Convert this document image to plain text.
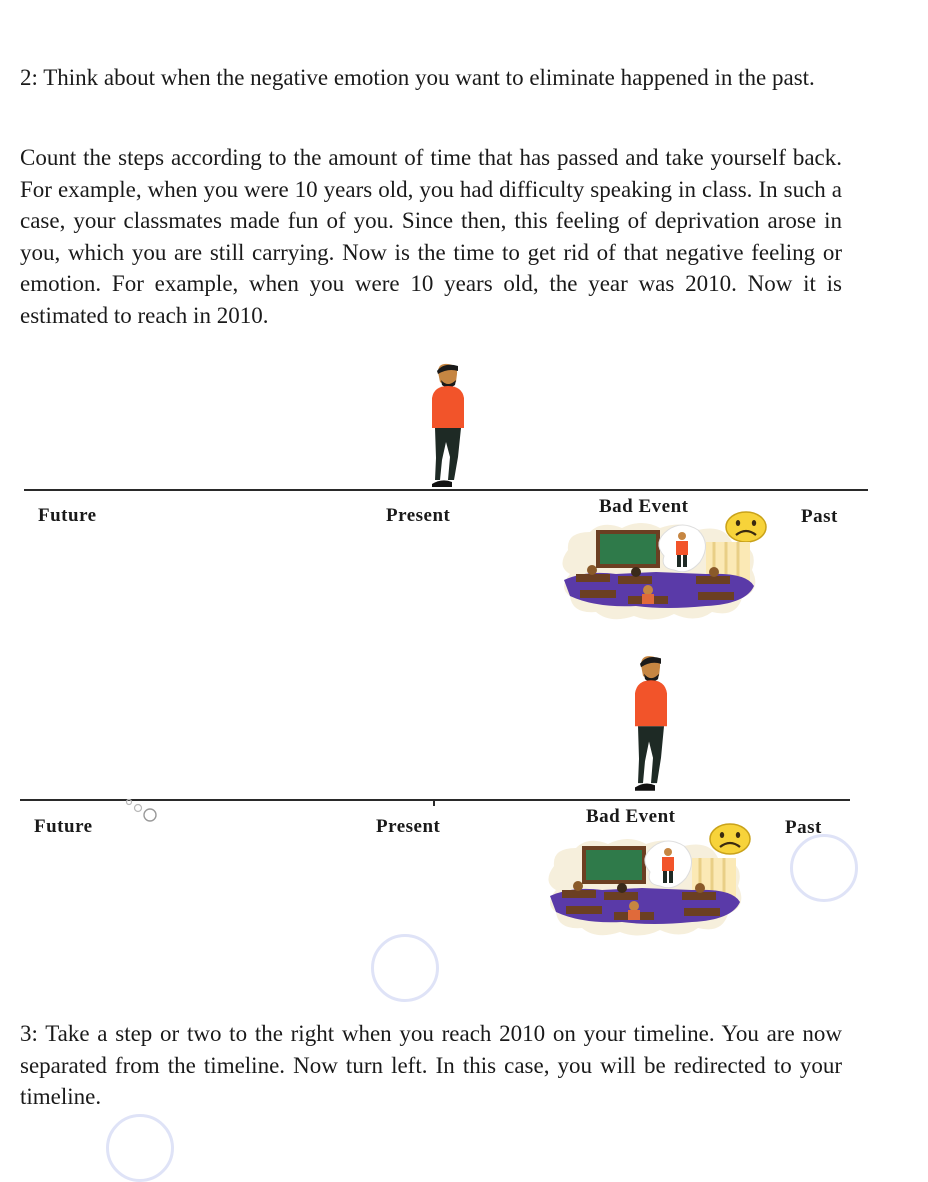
2: Think about when the negative emotion you want to eliminate happened in the past.

Count the steps according to the amount of time that has passed and take yourself back. For example, when you were 10 years old, you had difficulty speaking in class. In such a case, your classmates made fun of you. Since then, this feeling of deprivation arose in you, which you are still carrying. Now is the time to get rid of that negative feeling or emotion. For example, when you were 10 years old, the year was 2010. Now it is estimated to reach in 2010.

Future	Present	Bad Event	Past
Future	Present	Bad Event
Past

3: Take a step or two to the right when you reach 2010 on your timeline. You are now separated from the timeline. Now turn left. In this case, you will be redirected to your timeline.
